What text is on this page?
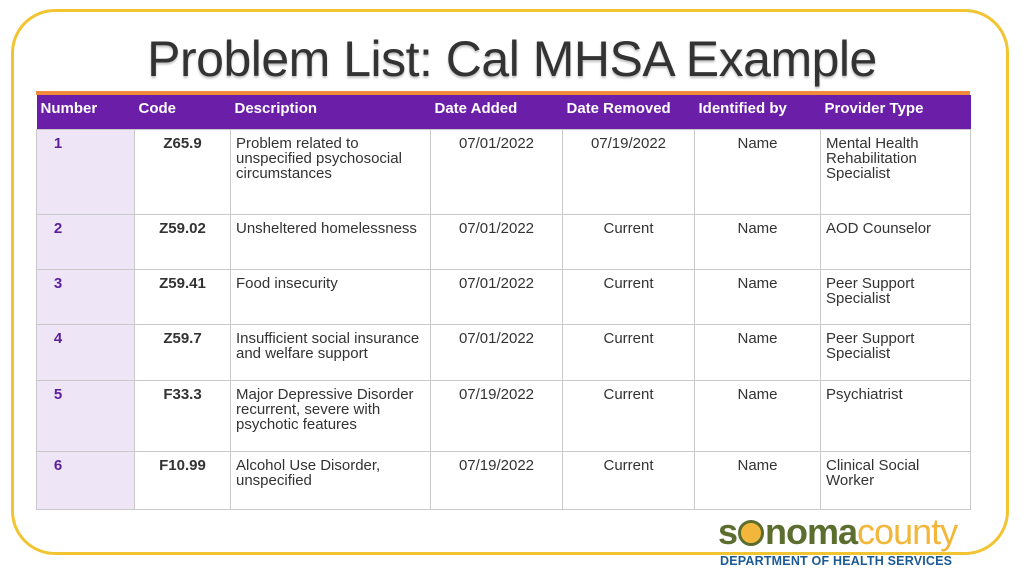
Problem List: Cal MHSA Example
Number	Code	Description	Date Added	Date Removed	Identified by	Provider Type
1	Z65.9	Problem related to unspecified psychosocial circumstances	07/01/2022	07/19/2022	Name	Mental Health Rehabilitation Specialist
2	Z59.02	Unsheltered homelessness	07/01/2022	Current	Name	AOD Counselor
3	Z59.41	Food insecurity	07/01/2022	Current	Name	Peer Support Specialist
4	Z59.7	Insufficient social insurance and welfare support	07/01/2022	Current	Name	Peer Support Specialist
5	F33.3	Major Depressive Disorder recurrent, severe with psychotic features	07/19/2022	Current	Name	Psychiatrist
6	F10.99	Alcohol Use Disorder, unspecified	07/19/2022	Current	Name	Clinical Social Worker
s nomacounty
DEPARTMENT OF HEALTH SERVICES
